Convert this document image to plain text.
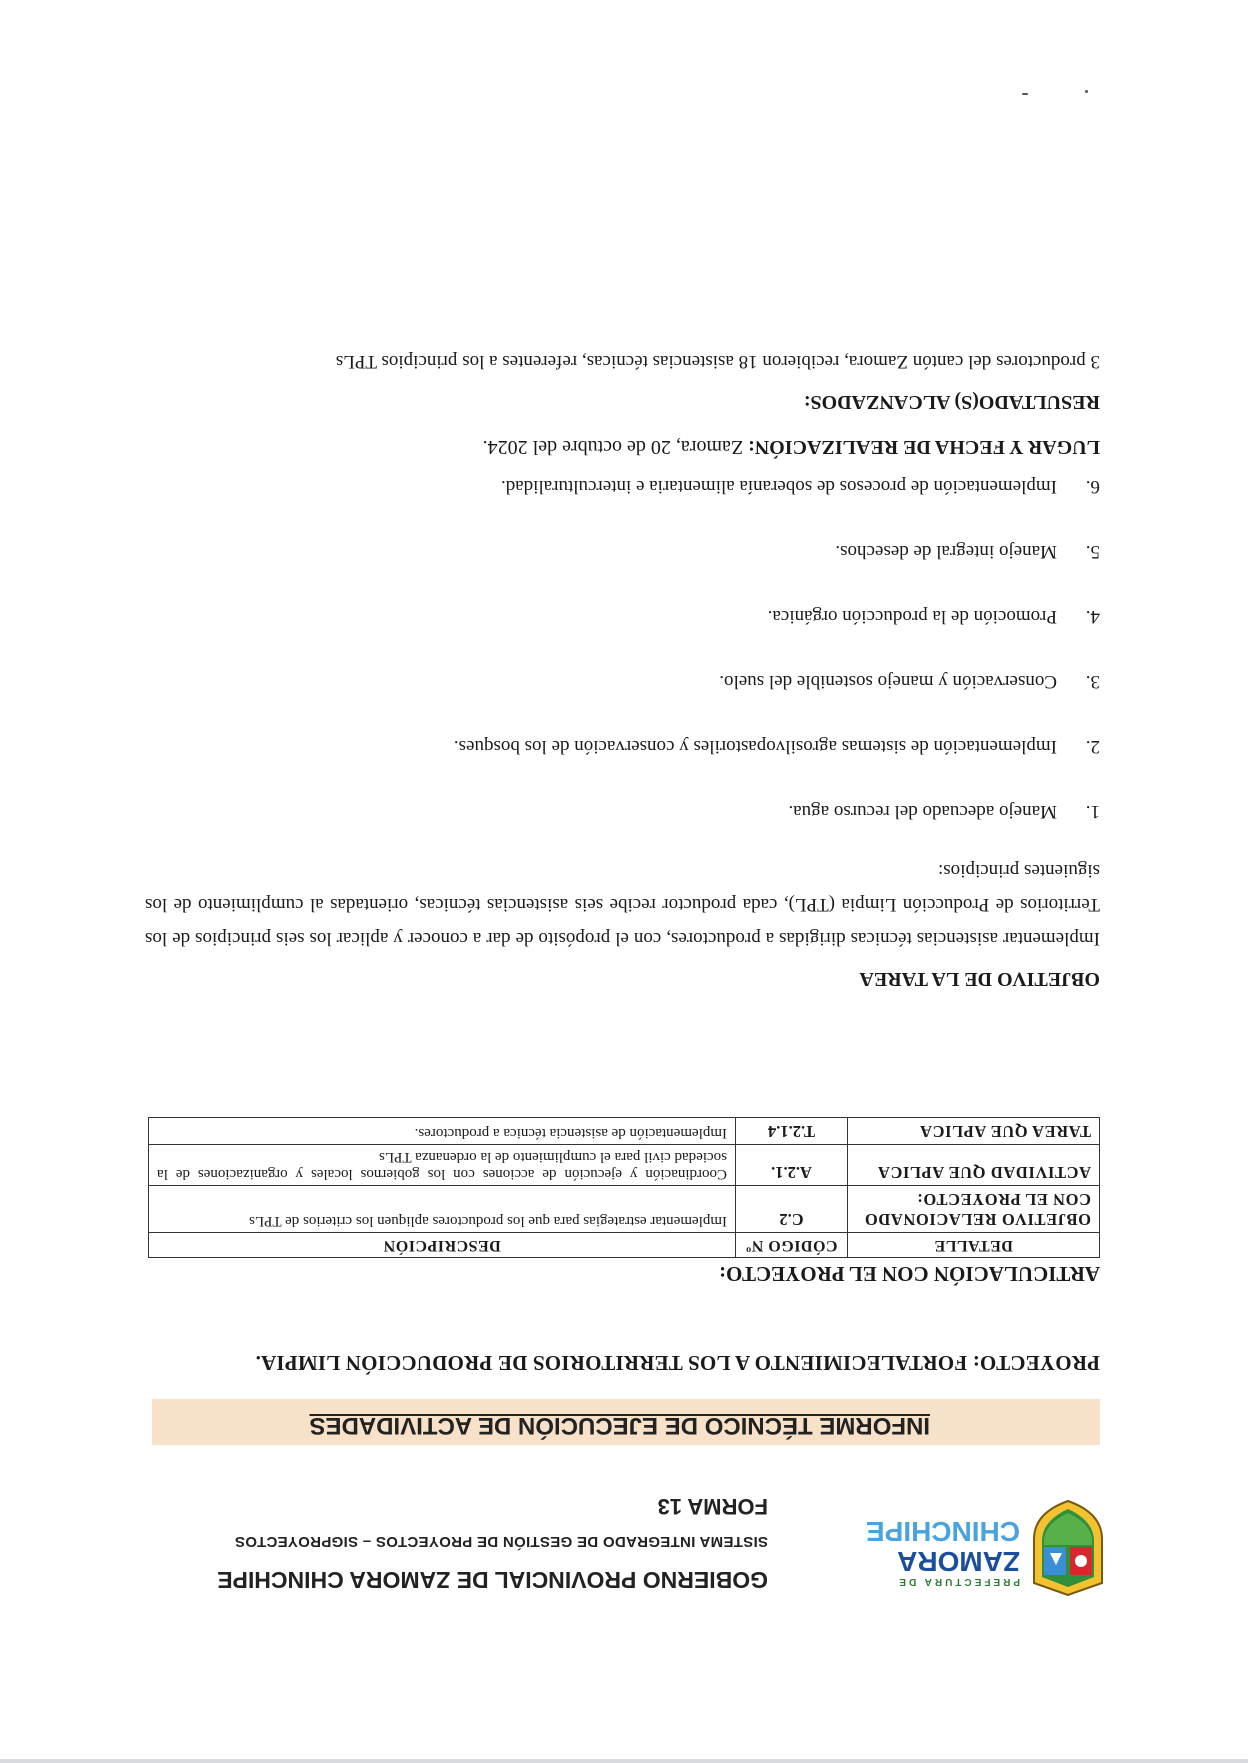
PREFECTURA DE
ZAMORA
CHINCHIPE
GOBIERNO PROVINCIAL DE ZAMORA CHINCHIPE
SISTEMA INTEGRADO DE GESTIÓN DE PROYECTOS – SIGPROYECTOS
FORMA 13
INFORME TÉCNICO DE EJECUCIÓN DE ACTIVIDADES
PROYECTO: FORTALECIMIENTO A LOS TERRITORIOS DE PRODUCCIÓN LIMPIA.
ARTICULACIÓN CON EL PROYECTO:
DETALLE	CÓDIGO Nº	DESCRIPCIÓN
OBJETIVO RELACIONADO CON EL PROYECTO:	C.2	Implementar estrategias para que los productores apliquen los criterios de TPLs
ACTIVIDAD QUE APLICA	A.2.1.	Coordinación y ejecución de acciones con los gobiernos locales y organizaciones de la sociedad civil para el cumplimiento de la ordenanza TPLs
TAREA QUE APLICA	T.2.1.4	Implementación de asistencia técnica a productores.
OBJETIVO DE LA TAREA
Implementar asistencias técnicas dirigidas a productores, con el propósito de dar a conocer y aplicar los seis principios de los Territorios de Producción Limpia (TPL), cada productor recibe seis asistencias técnicas, orientadas al cumplimiento de los siguientes principios:
1.
Manejo adecuado del recurso agua.
2.
Implementación de sistemas agrosilvopastoriles y conservación de los bosques.
3.
Conservación y manejo sostenible del suelo.
4.
Promoción de la producción orgánica.
5.
Manejo integral de desechos.
6.
Implementación de procesos de soberanía alimentaria e interculturalidad.
LUGAR Y FECHA DE REALIZACIÓN: Zamora, 20 de octubre del 2024.
RESULTADO(S) ALCANZADOS:
3 productores del cantón Zamora, recibieron 18 asistencias técnicas, referentes a los principios TPLs
